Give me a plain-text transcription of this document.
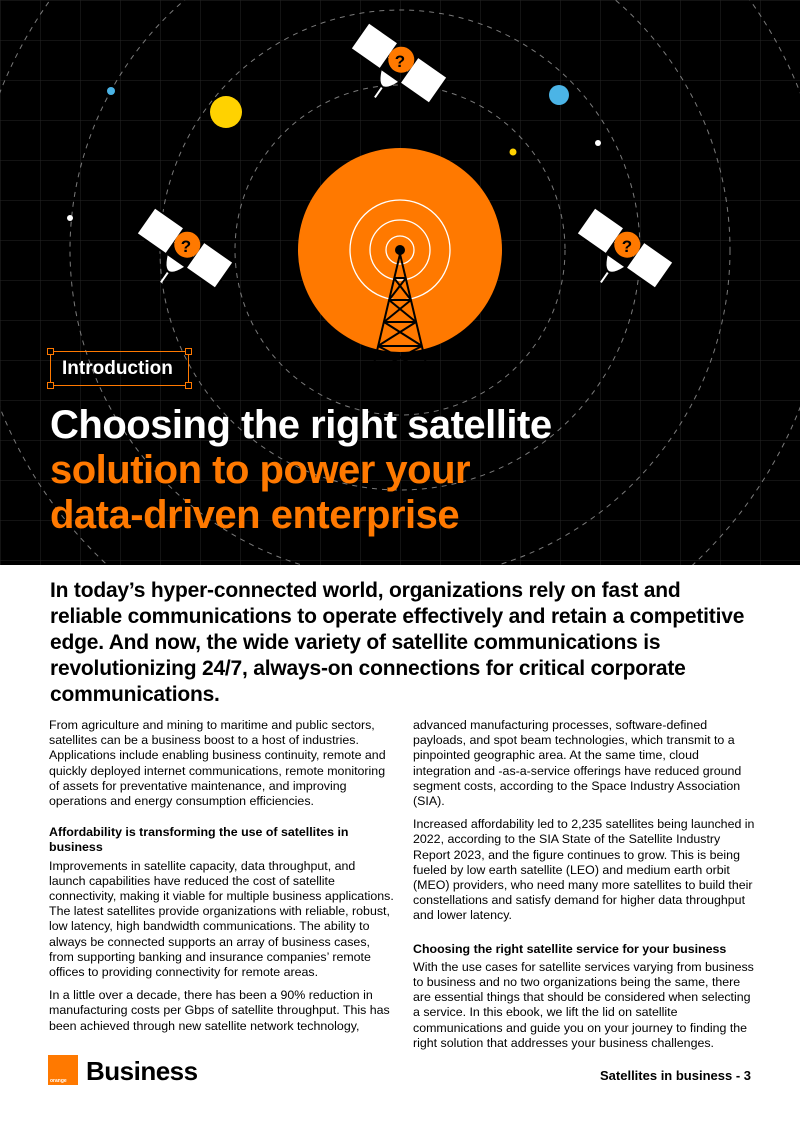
?
?	?
Introduction
Choosing the right satellite
solution to power your
data-driven enterprise

In today’s hyper-connected world, organizations rely on fast and reliable communications to operate effectively and retain a competitive edge. And now, the wide variety of satellite communications is revolutionizing 24/7, always-on connections for critical corporate communications.

From agriculture and mining to maritime and public sectors, satellites can be a business boost to a host of industries. Applications include enabling business continuity, remote and quickly deployed internet communications, remote monitoring of assets for preventative maintenance, and improving operations and energy consumption efficiencies.

Affordability is transforming the use of satellites in business

Improvements in satellite capacity, data throughput, and launch capabilities have reduced the cost of satellite connectivity, making it viable for multiple business applications. The latest satellites provide organizations with reliable, robust, low latency, high bandwidth communications. The ability to always be connected supports an array of business cases, from supporting banking and insurance companies’ remote offices to providing connectivity for remote areas.

In a little over a decade, there has been a 90% reduction in manufacturing costs per Gbps of satellite throughput. This has been achieved through new satellite network technology,

advanced manufacturing processes, software-defined payloads, and spot beam technologies, which transmit to a pinpointed geographic area. At the same time, cloud integration and -as-a-service offerings have reduced ground segment costs, according to the Space Industry Association (SIA).

Increased affordability led to 2,235 satellites being launched in 2022, according to the SIA State of the Satellite Industry Report 2023, and the figure continues to grow. This is being fueled by low earth satellite (LEO) and medium earth orbit (MEO) providers, who need many more satellites to build their constellations and satisfy demand for higher data throughput and lower latency.

Choosing the right satellite service for your business

With the use cases for satellite services varying from business to business and no two organizations being the same, there are essential things that should be considered when selecting a service. In this ebook, we lift the lid on satellite communications and guide you on your journey to finding the right solution that addresses your business challenges.

orange Business	Satellites in business - 3
